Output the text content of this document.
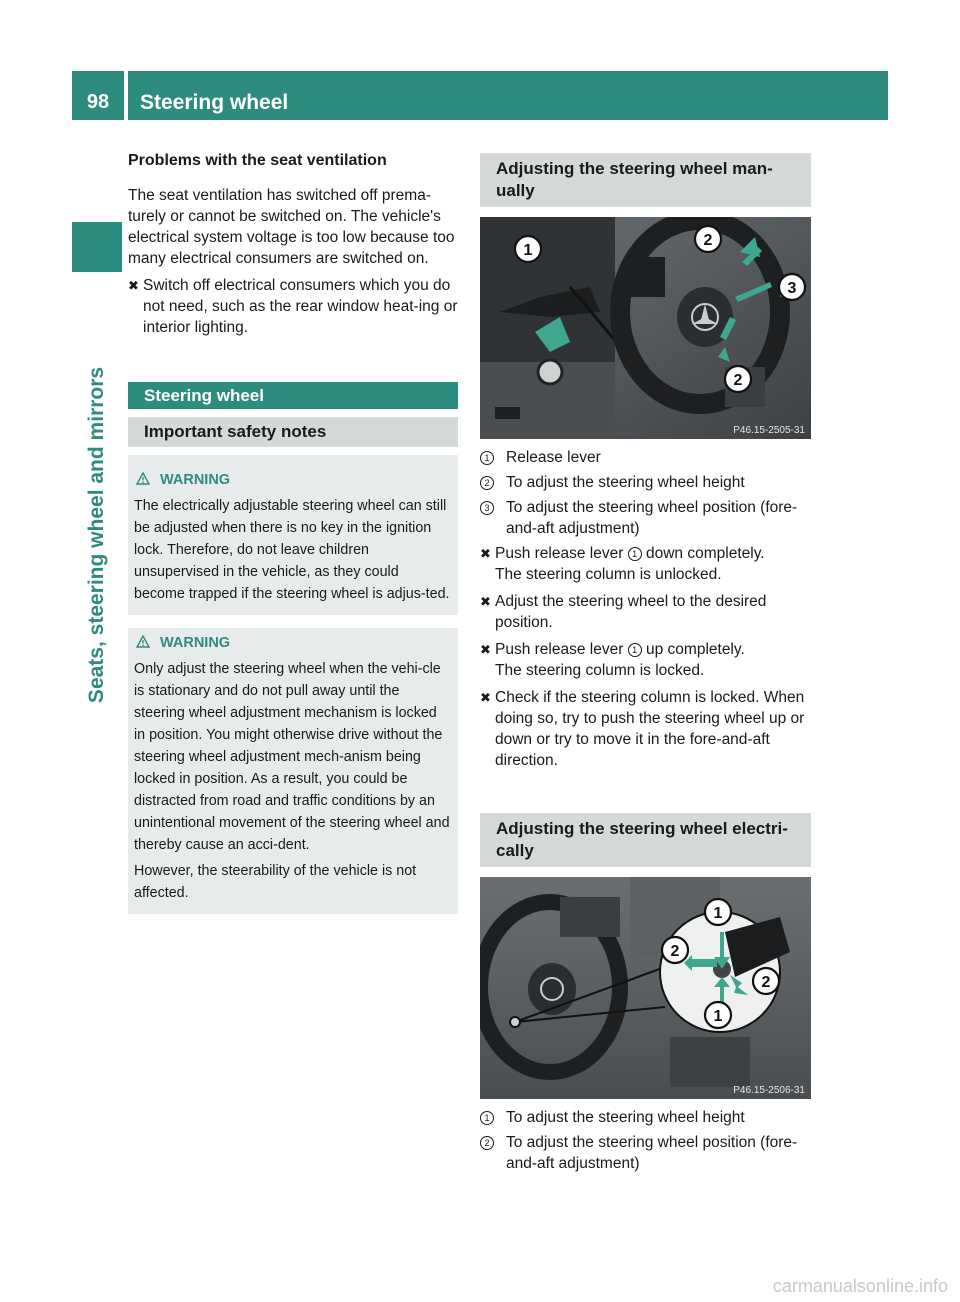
98	Steering wheel
Seats, steering wheel and mirrors
Problems with the seat ventilation

The seat ventilation has switched off prema-turely or cannot be switched on. The vehicle's electrical system voltage is too low because too many electrical consumers are switched on.

✖ Switch off electrical consumers which you do not need, such as the rear window heat-ing or interior lighting.
Steering wheel
Important safety notes
WARNING
The electrically adjustable steering wheel can still be adjusted when there is no key in the ignition lock. Therefore, do not leave children unsupervised in the vehicle, as they could become trapped if the steering wheel is adjus-ted.
WARNING
Only adjust the steering wheel when the vehi-cle is stationary and do not pull away until the steering wheel adjustment mechanism is locked in position. You might otherwise drive without the steering wheel adjustment mech-anism being locked in position. As a result, you could be distracted from road and traffic conditions by an unintentional movement of the steering wheel and thereby cause an acci-dent.
However, the steerability of the vehicle is not affected.
Adjusting the steering wheel man-ually
1
2
3
2
P46.15-2505-31
1 Release lever
2 To adjust the steering wheel height
3 To adjust the steering wheel position (fore-and-aft adjustment)
✖ Push release lever 1 down completely.
The steering column is unlocked.
✖ Adjust the steering wheel to the desired position.
✖ Push release lever 1 up completely.
The steering column is locked.
✖ Check if the steering column is locked. When doing so, try to push the steering wheel up or down or try to move it in the fore-and-aft direction.
Adjusting the steering wheel electri-cally
1
2
2
1
P46.15-2506-31
1 To adjust the steering wheel height
2 To adjust the steering wheel position (fore-and-aft adjustment)
carmanualsonline.info
